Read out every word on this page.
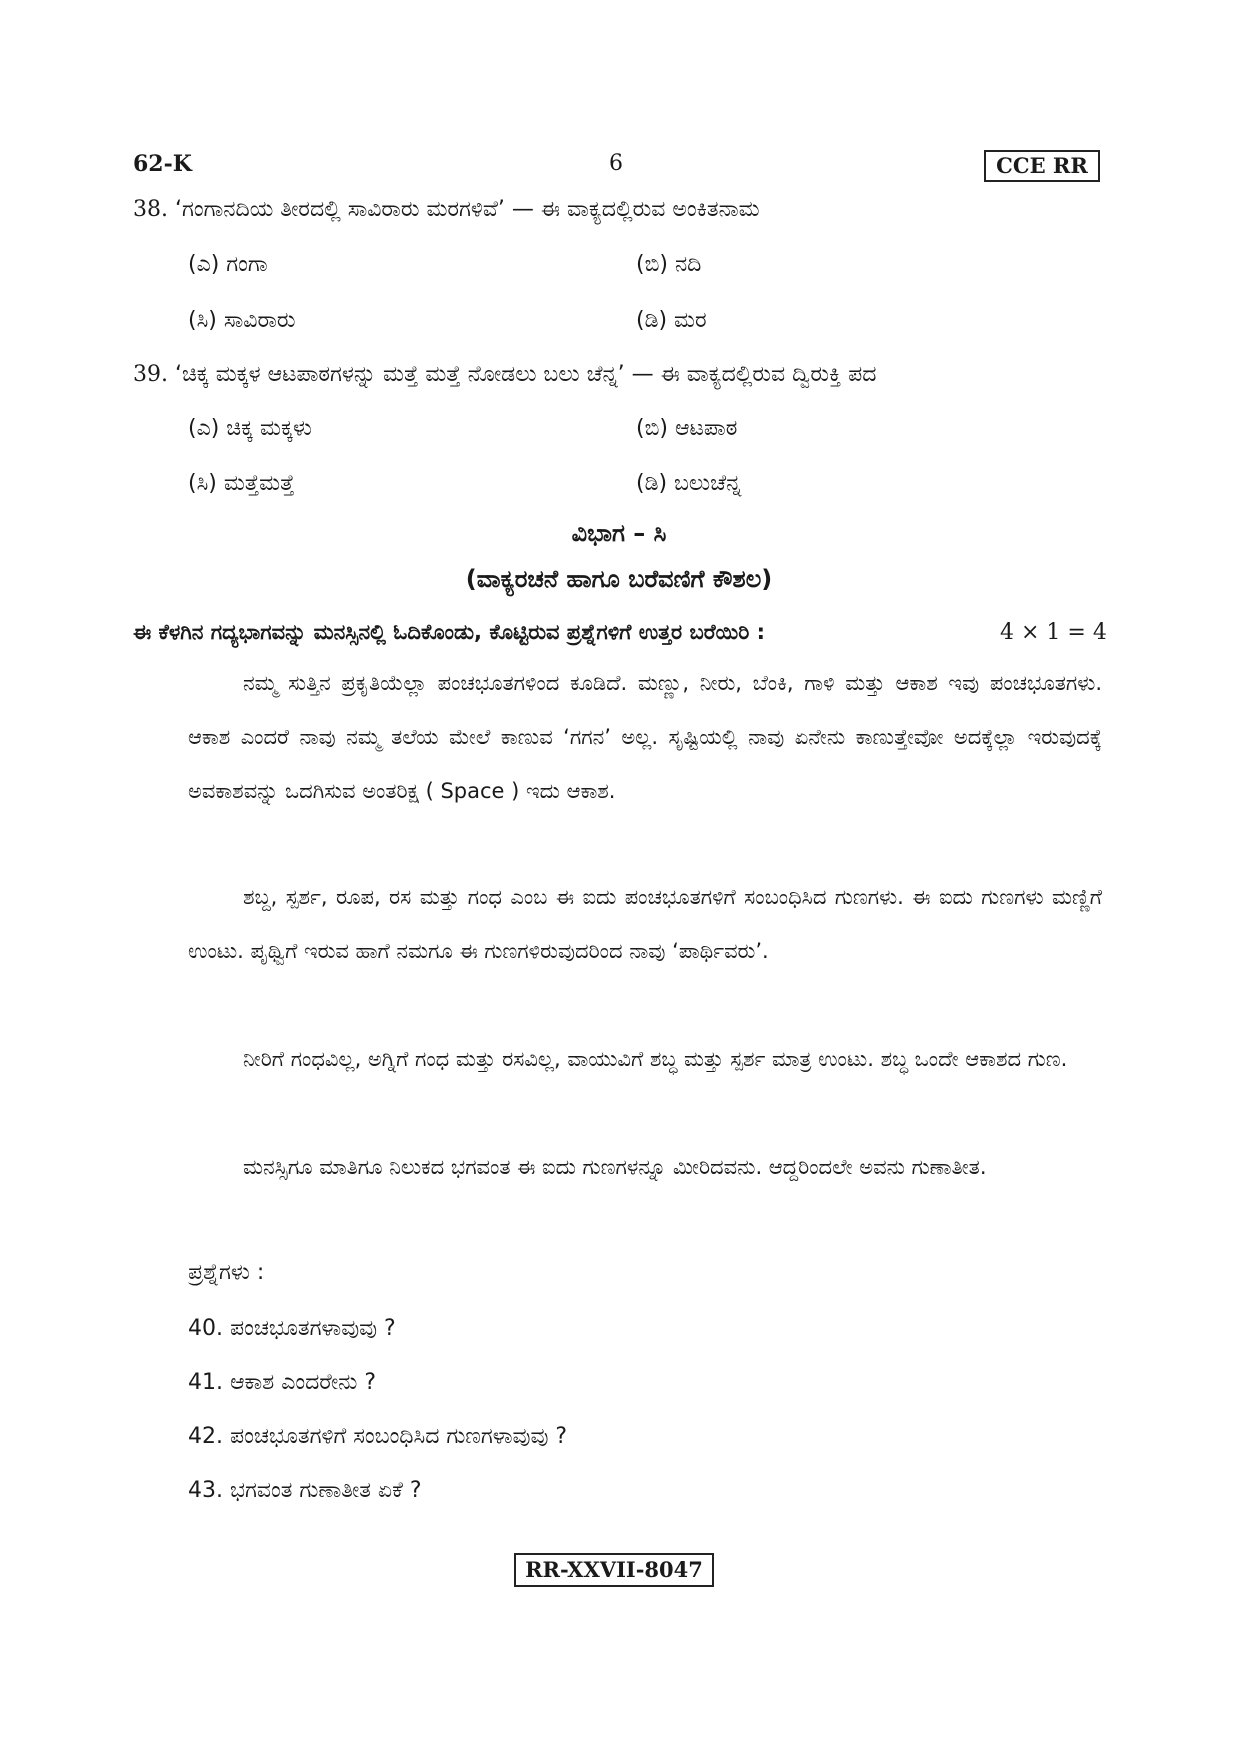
62-K	6	CCE RR
38. ‘ಗಂಗಾನದಿಯ ತೀರದಲ್ಲಿ ಸಾವಿರಾರು ಮರಗಳಿವೆ’ — ಈ ವಾಕ್ಯದಲ್ಲಿರುವ ಅಂಕಿತನಾಮ
(ಎ) ಗಂಗಾ	(ಬಿ) ನದಿ
(ಸಿ) ಸಾವಿರಾರು	(ಡಿ) ಮರ
39. ‘ಚಿಕ್ಕ ಮಕ್ಕಳ ಆಟಪಾಠಗಳನ್ನು ಮತ್ತೆ ಮತ್ತೆ ನೋಡಲು ಬಲು ಚೆನ್ನ’ — ಈ ವಾಕ್ಯದಲ್ಲಿರುವ ದ್ವಿರುಕ್ತಿ ಪದ
(ಎ) ಚಿಕ್ಕ ಮಕ್ಕಳು	(ಬಿ) ಆಟಪಾಠ
(ಸಿ) ಮತ್ತೆಮತ್ತೆ	(ಡಿ) ಬಲುಚೆನ್ನ
ವಿಭಾಗ – ಸಿ
(ವಾಕ್ಯರಚನೆ ಹಾಗೂ ಬರೆವಣಿಗೆ ಕೌಶಲ)
ಈ ಕೆಳಗಿನ ಗದ್ಯಭಾಗವನ್ನು ಮನಸ್ಸಿನಲ್ಲಿ ಓದಿಕೊಂಡು, ಕೊಟ್ಟಿರುವ ಪ್ರಶ್ನೆಗಳಿಗೆ ಉತ್ತರ ಬರೆಯಿರಿ :	4 × 1 = 4
ನಮ್ಮ ಸುತ್ತಿನ ಪ್ರಕೃತಿಯೆಲ್ಲಾ ಪಂಚಭೂತಗಳಿಂದ ಕೂಡಿದೆ. ಮಣ್ಣು, ನೀರು, ಬೆಂಕಿ, ಗಾಳಿ ಮತ್ತು ಆಕಾಶ ಇವು ಪಂಚಭೂತಗಳು. ಆಕಾಶ ಎಂದರೆ ನಾವು ನಮ್ಮ ತಲೆಯ ಮೇಲೆ ಕಾಣುವ ‘ಗಗನ’ ಅಲ್ಲ. ಸೃಷ್ಟಿಯಲ್ಲಿ ನಾವು ಏನೇನು ಕಾಣುತ್ತೇವೋ ಅದಕ್ಕೆಲ್ಲಾ ಇರುವುದಕ್ಕೆ ಅವಕಾಶವನ್ನು ಒದಗಿಸುವ ಅಂತರಿಕ್ಷ ( Space ) ಇದು ಆಕಾಶ.
ಶಬ್ದ, ಸ್ಪರ್ಶ, ರೂಪ, ರಸ ಮತ್ತು ಗಂಧ ಎಂಬ ಈ ಐದು ಪಂಚಭೂತಗಳಿಗೆ ಸಂಬಂಧಿಸಿದ ಗುಣಗಳು. ಈ ಐದು ಗುಣಗಳು ಮಣ್ಣಿಗೆ ಉಂಟು. ಪೃಥ್ವಿಗೆ ಇರುವ ಹಾಗೆ ನಮಗೂ ಈ ಗುಣಗಳಿರುವುದರಿಂದ ನಾವು ‘ಪಾರ್ಥಿವರು’.
ನೀರಿಗೆ ಗಂಧವಿಲ್ಲ, ಅಗ್ನಿಗೆ ಗಂಧ ಮತ್ತು ರಸವಿಲ್ಲ, ವಾಯುವಿಗೆ ಶಬ್ಧ ಮತ್ತು ಸ್ಪರ್ಶ ಮಾತ್ರ ಉಂಟು. ಶಬ್ಧ ಒಂದೇ ಆಕಾಶದ ಗುಣ.
ಮನಸ್ಸಿಗೂ ಮಾತಿಗೂ ನಿಲುಕದ ಭಗವಂತ ಈ ಐದು ಗುಣಗಳನ್ನೂ ಮೀರಿದವನು. ಆದ್ದರಿಂದಲೇ ಅವನು ಗುಣಾತೀತ.
ಪ್ರಶ್ನೆಗಳು :
40. ಪಂಚಭೂತಗಳಾವುವು ?
41. ಆಕಾಶ ಎಂದರೇನು ?
42. ಪಂಚಭೂತಗಳಿಗೆ ಸಂಬಂಧಿಸಿದ ಗುಣಗಳಾವುವು ?
43. ಭಗವಂತ ಗುಣಾತೀತ ಏಕೆ ?
RR-XXVII-8047
